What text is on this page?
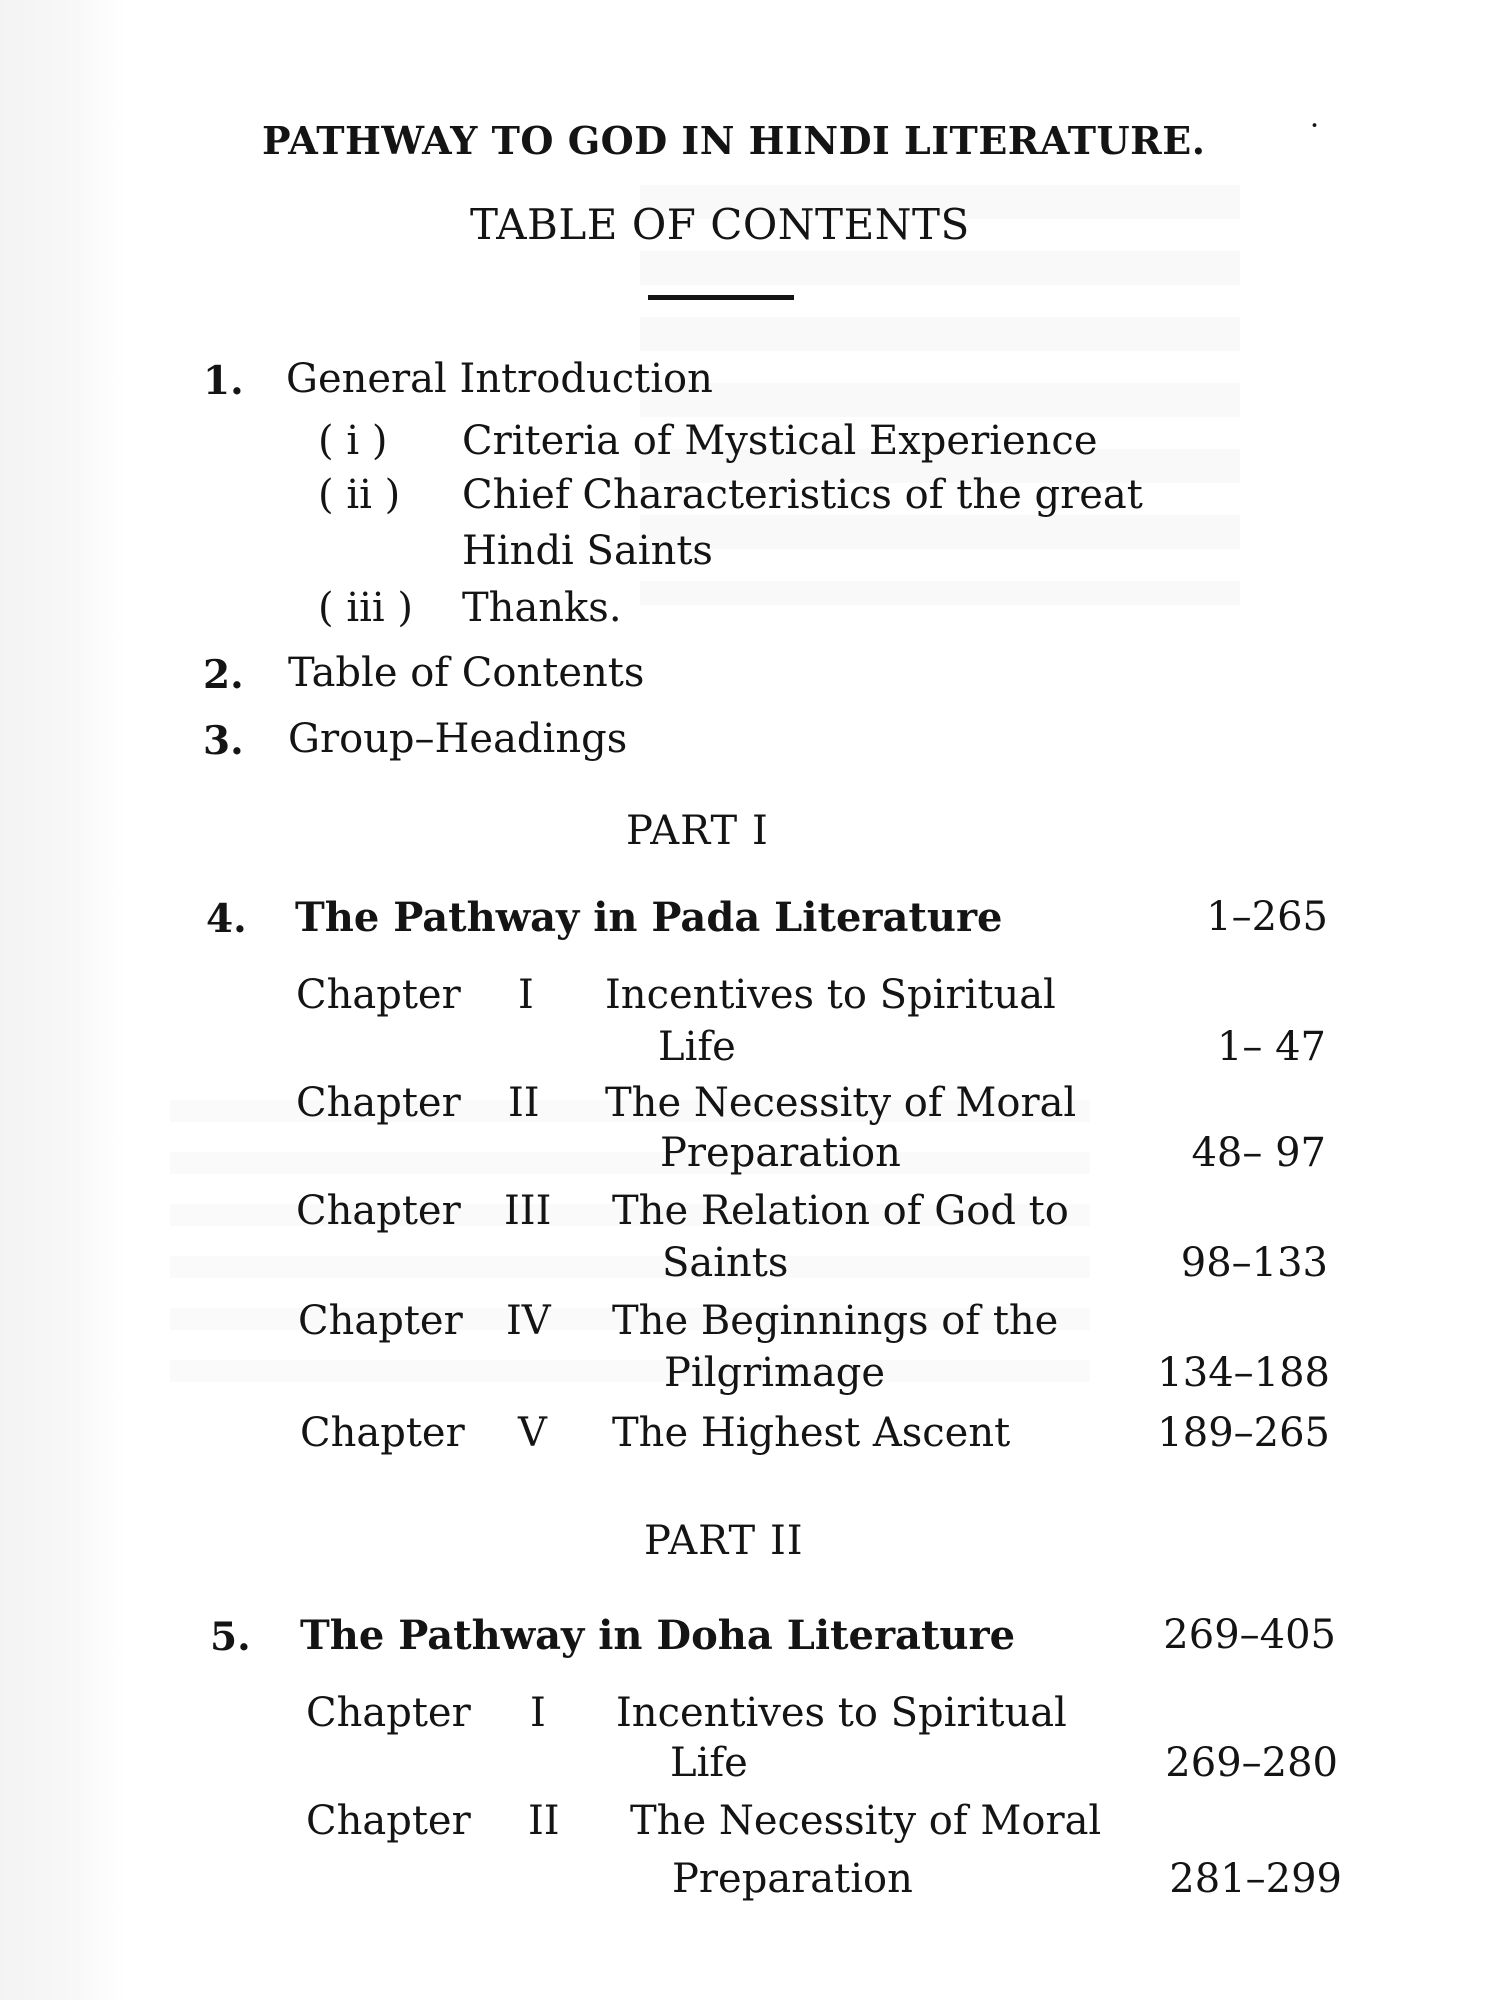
PATHWAY TO GOD IN HINDI LITERATURE.	˙
TABLE OF CONTENTS
1. General Introduction
( i ) Criteria of Mystical Experience
( ii ) Chief Characteristics of the great
Hindi Saints
( iii ) Thanks.
2. Table of Contents
3. Group–Headings
PART I
4. The Pathway in Pada Literature	1–265
Chapter I Incentives to Spiritual
Life	1– 47
Chapter II The Necessity of Moral
Preparation	48– 97
Chapter III The Relation of God to
Saints	98–133
Chapter IV The Beginnings of the
Pilgrimage	134–188
Chapter V The Highest Ascent	189–265
PART II
5. The Pathway in Doha Literature	269–405
Chapter I Incentives to Spiritual
Life	269–280
Chapter II The Necessity of Moral
Preparation	281–299
